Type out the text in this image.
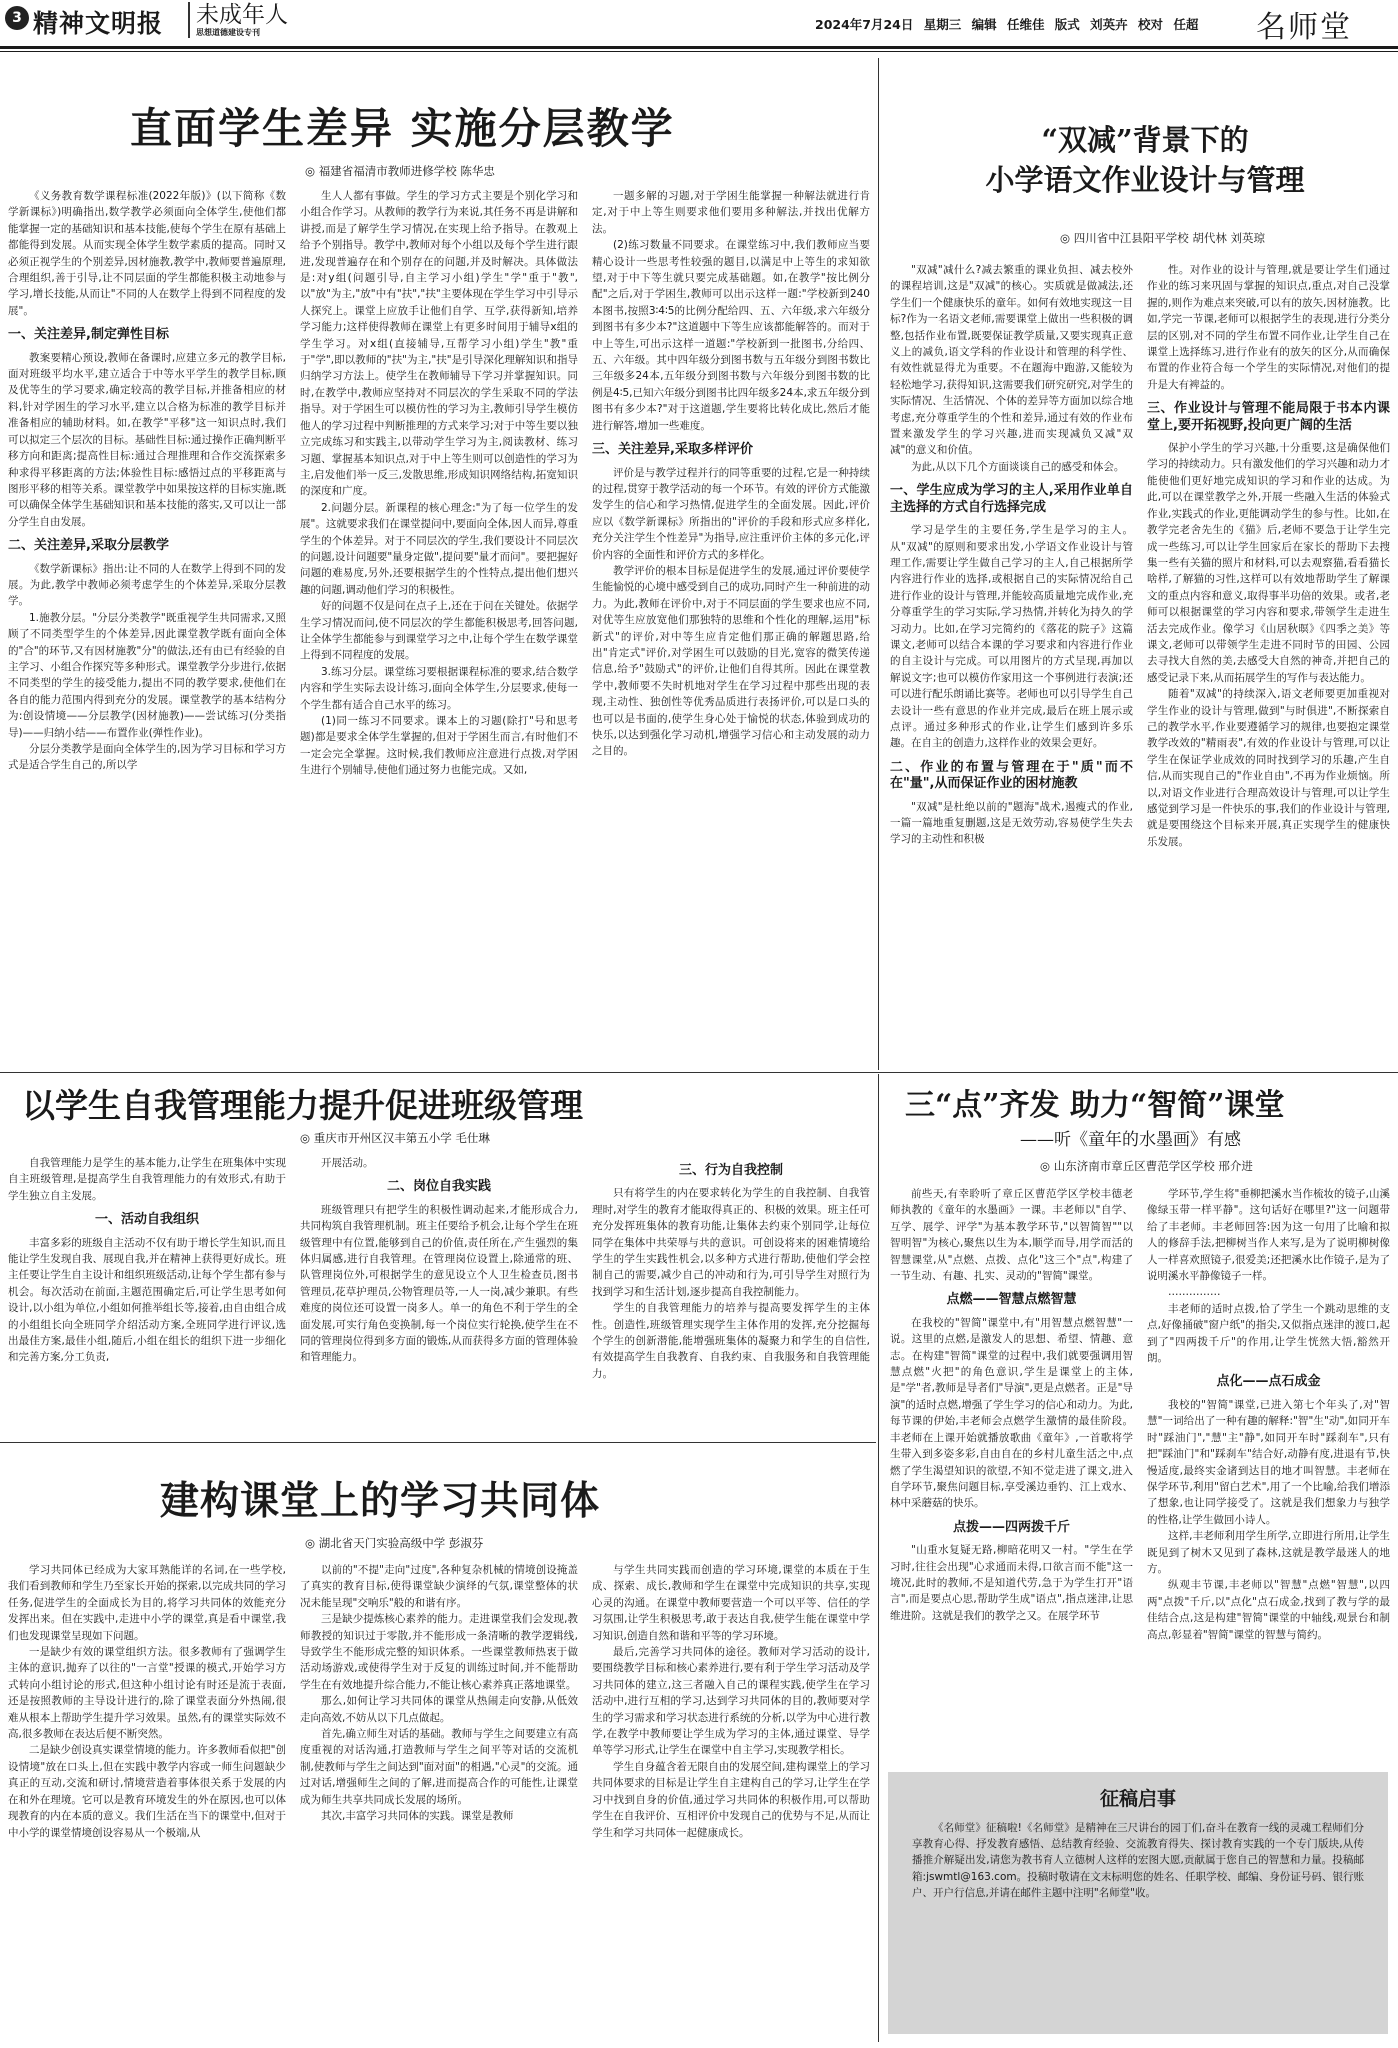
3 精神文明报 未成年人
思想道德建设专刊
2024年7月24日 星期三 编辑 任维佳 版式 刘英卉 校对 任超 名师堂
直面学生差异 实施分层教学
◎ 福建省福清市教师进修学校 陈华忠

《义务教育数学课程标准(2022年版)》(以下简称《数学新课标》)明确指出,数学教学必须面向全体学生,使他们都能掌握一定的基础知识和基本技能,使每个学生在原有基础上都能得到发展。从而实现全体学生数学素质的提高。同时又必须正视学生的个别差异,因材施教,教学中,教师要普遍原理,合理组织,善于引导,让不同层面的学生都能积极主动地参与学习,增长技能,从而让"不同的人在数学上得到不同程度的发展"。

一、关注差异,制定弹性目标

教案要精心预设,教师在备课时,应建立多元的教学目标,面对班级平均水平,建立适合于中等水平学生的教学目标,顾及优等生的学习要求,确定较高的教学目标,并推备相应的材料,针对学困生的学习水平,建立以合格为标准的教学目标并准备相应的辅助材料。如,在教学"平移"这一知识点时,我们可以拟定三个层次的目标。基础性目标:通过操作正确判断平移方向和距离;提高性目标:通过合理推理和合作交流探索多种求得平移距离的方法;体验性目标:感悟过点的平移距离与图形平移的相等关系。课堂教学中如果按这样的目标实施,既可以确保全体学生基础知识和基本技能的落实,又可以让一部分学生自由发展。

二、关注差异,采取分层教学

《数学新课标》指出:让不同的人在数学上得到不同的发展。为此,教学中教师必须考虑学生的个体差异,采取分层教学。

1.施教分层。"分层分类教学"既重视学生共同需求,又照顾了不同类型学生的个体差异,因此课堂教学既有面向全体的"合"的环节,又有因材施教"分"的做法,还有由已有经验的自主学习、小组合作探究等多种形式。课堂教学分步进行,依据不同类型的学生的接受能力,提出不同的教学要求,使他们在各自的能力范围内得到充分的发展。课堂教学的基本结构分为:创设情境——分层教学(因材施教)——尝试练习(分类指导)——归纳小结——布置作业(弹性作业)。

分层分类教学是面向全体学生的,因为学习目标和学习方式是适合学生自己的,所以学

生人人都有事做。学生的学习方式主要是个别化学习和小组合作学习。从教师的教学行为来说,其任务不再是讲解和讲授,而是了解学生学习情况,在实现上给予指导。在教观上给予个别指导。教学中,教师对每个小组以及每个学生进行跟进,发现普遍存在和个别存在的问题,并及时解决。具体做法是:对y组(问题引导,自主学习小组)学生"学"重于"教",以"放"为主,"放"中有"扶","扶"主要体现在学生学习中引导示人探究上。课堂上应放手让他们自学、互学,获得新知,培养学习能力;这样使得教师在课堂上有更多时间用于辅导x组的学生学习。对x组(直接辅导,互帮学习小组)学生"教"重于"学",即以教师的"扶"为主,"扶"是引导深化理解知识和指导归纳学习方法上。使学生在教师辅导下学习并掌握知识。同时,在教学中,教师应坚持对不同层次的学生采取不同的学法指导。对于学困生可以模仿性的学习为主,教师引导学生模仿他人的学习过程中判断推理的方式来学习;对于中等生要以独立完成练习和实践主,以带动学生学习为主,阅读教材、练习习题、掌握基本知识点,对于中上等生则可以创造性的学习为主,启发他们举一反三,发散思维,形成知识网络结构,拓宽知识的深度和广度。

2.问题分层。新课程的核心理念:"为了每一位学生的发展"。这就要求我们在课堂提问中,要面向全体,因人而异,尊重学生的个体差异。对于不同层次的学生,我们要设计不同层次的问题,设计问题要"量身定做",提问要"量才而问"。要把握好问题的难易度,另外,还要根据学生的个性特点,提出他们想兴趣的问题,调动他们学习的积极性。

好的问题不仅是问在点子上,还在于问在关键处。依据学生学习情况而问,使不同层次的学生都能积极思考,回答问题,让全体学生都能参与到课堂学习之中,让每个学生在数学课堂上得到不同程度的发展。

3.练习分层。课堂练习要根据课程标准的要求,结合数学内容和学生实际去设计练习,面向全体学生,分层要求,使每一个学生都有适合自己水平的练习。

(1)同一练习不同要求。课本上的习题(除打"号和思考题)都是要求全体学生掌握的,但对于学困生而言,有时他们不一定会完全掌握。这时候,我们教师应注意进行点拨,对学困生进行个别辅导,使他们通过努力也能完成。又如,

一题多解的习题,对于学困生能掌握一种解法就进行肯定,对于中上等生则要求他们要用多种解法,并找出优解方法。

(2)练习数量不同要求。在课堂练习中,我们教师应当要精心设计一些思考性较强的题目,以满足中上等生的求知欲望,对于中下等生就只要完成基础题。如,在教学"按比例分配"之后,对于学困生,教师可以出示这样一题:"学校新到240本图书,按照3∶4∶5的比例分配给四、五、六年级,求六年级分到图书有多少本?"这道题中下等生应该都能解答的。而对于中上等生,可出示这样一道题:"学校新到一批图书,分给四、五、六年级。其中四年级分到图书数与五年级分到图书数比三年级多24本,五年级分到图书数与六年级分到图书数的比例是4∶5,已知六年级分到图书比四年级多24本,求五年级分到图书有多少本?"对于这道题,学生要将比转化成比,然后才能进行解答,增加一些难度。

三、关注差异,采取多样评价

评价是与教学过程并行的同等重要的过程,它是一种持续的过程,贯穿于教学活动的每一个环节。有效的评价方式能激发学生的信心和学习热情,促进学生的全面发展。因此,评价应以《数学新课标》所指出的"评价的手段和形式应多样化,充分关注学生个性差异"为指导,应注重评价主体的多元化,评价内容的全面性和评价方式的多样化。

教学评价的根本目标是促进学生的发展,通过评价要使学生能愉悦的心境中感受到自己的成功,同时产生一种前进的动力。为此,教师在评价中,对于不同层面的学生要求也应不同,对优等生应放宽他们那独特的思维和个性化的理解,运用"标新式"的评价,对中等生应肯定他们那正确的解题思路,给出"肯定式"评价,对学困生可以鼓励的目光,宽容的微笑传递信息,给予"鼓励式"的评价,让他们自得其所。因此在课堂教学中,教师要不失时机地对学生在学习过程中那些出现的表现,主动性、独创性等优秀品质进行表扬评价,可以是口头的也可以是书面的,使学生身心处于愉悦的状态,体验到成功的快乐,以达到强化学习动机,增强学习信心和主动发展的动力之目的。

“双减”背景下的
小学语文作业设计与管理
◎ 四川省中江县阳平学校 胡代林 刘英琼

"双减"减什么?减去繁重的课业负担、减去校外的课程培训,这是"双减"的核心。实质就是做减法,还学生们一个健康快乐的童年。如何有效地实现这一目标?作为一名语文老师,需要课堂上做出一些积极的调整,包括作业布置,既要保证教学质量,又要实现真正意义上的减负,语文学科的作业设计和管理的科学性、有效性就显得尤为重要。不在题海中跑游,又能较为轻松地学习,获得知识,这需要我们研究研究,对学生的实际情况、生活情况、个体的差异等方面加以综合地考虑,充分尊重学生的个性和差异,通过有效的作业布置来激发学生的学习兴趣,进而实现减负又减"双减"的意义和价值。

为此,从以下几个方面谈谈自己的感受和体会。

一、学生应成为学习的主人,采用作业单自主选择的方式自行选择完成

学习是学生的主要任务,学生是学习的主人。从"双减"的原则和要求出发,小学语文作业设计与管理工作,需要让学生做自己学习的主人,自己根据所学内容进行作业的选择,或根据自己的实际情况给自己进行作业的设计与管理,并能较高质量地完成作业,充分尊重学生的学习实际,学习热情,并转化为持久的学习动力。比如,在学习完简约的《落花的院子》这篇课文,老师可以结合本课的学习要求和内容进行作业的自主设计与完成。可以用图片的方式呈现,再加以解说文字;也可以模仿作家用这一个事例进行表演;还可以进行配乐朗诵比赛等。老师也可以引导学生自己去设计一些有意思的作业并完成,最后在班上展示或点评。通过多种形式的作业,让学生们感到许多乐趣。在自主的创造力,这样作业的效果会更好。

二、作业的布置与管理在于"质"而不在"量",从而保证作业的困材施教

"双减"是杜绝以前的"题海"战术,遏瘦式的作业,一篇一篇地重复删题,这是无效劳动,容易使学生失去学习的主动性和积极

性。对作业的设计与管理,就是要让学生们通过作业的练习来巩固与掌握的知识点,重点,对自己没掌握的,则作为难点来突破,可以有的放矢,因材施教。比如,学完一节课,老师可以根据学生的表现,进行分类分层的区别,对不同的学生布置不同作业,让学生自己在课堂上选择练习,进行作业有的放矢的区分,从而确保布置的作业符合每一个学生的实际情况,对他们的提升是大有裨益的。

三、作业设计与管理不能局限于书本内课堂上,要开拓视野,投向更广阔的生活

保护小学生的学习兴趣,十分重要,这是确保他们学习的持续动力。只有激发他们的学习兴趣和动力才能使他们更好地完成知识的学习和作业的达成。为此,可以在课堂教学之外,开展一些融入生活的体验式作业,实践式的作业,更能调动学生的参与性。比如,在教学完老舍先生的《猫》后,老师不要急于让学生完成一些练习,可以让学生回家后在家长的帮助下去搜集一些有关猫的照片和材料,可以去观察猫,看看猫长啥样,了解猫的习性,这样可以有效地帮助学生了解课文的重点内容和意义,取得事半功倍的效果。或者,老师可以根据课堂的学习内容和要求,带领学生走进生活去完成作业。像学习《山居秋暝》《四季之美》等课文,老师可以带领学生走进不同时节的田园、公园去寻找大自然的美,去感受大自然的神奇,并把自己的感受记录下来,从而拓展学生的写作与表达能力。

随着"双减"的持续深入,语文老师要更加重视对学生作业的设计与管理,做到"与时俱进",不断探索自己的教学水平,作业要遵循学习的规律,也要抱定课堂教学改效的"精雨表",有效的作业设计与管理,可以让学生在保证学业成效的同时找到学习的乐趣,产生自信,从而实现自己的"作业自由",不再为作业烦恼。所以,对语文作业进行合理高效设计与管理,可以让学生感觉到学习是一件快乐的事,我们的作业设计与管理,就是要围绕这个目标来开展,真正实现学生的健康快乐发展。

以学生自我管理能力提升促进班级管理
◎ 重庆市开州区汉丰第五小学 毛仕琳

自我管理能力是学生的基本能力,让学生在班集体中实现自主班级管理,是提高学生自我管理能力的有效形式,有助于学生独立自主发展。

一、活动自我组织

丰富多彩的班级自主活动不仅有助于增长学生知识,而且能让学生发现自我、展现自我,并在精神上获得更好成长。班主任要让学生自主设计和组织班级活动,让每个学生都有参与机会。每次活动在前面,主题范围确定后,可让学生思考如何设计,以小组为单位,小组如何推举组长等,接着,由自由组合成的小组组长向全班同学介绍活动方案,全班同学进行评议,选出最佳方案,最佳小组,随后,小组在组长的组织下进一步细化和完善方案,分工负责,

开展活动。

二、岗位自我实践

班级管理只有把学生的积极性调动起来,才能形成合力,共同构筑自我管理机制。班主任要给予机会,让每个学生在班级管理中有位置,能够到自己的价值,责任所在,产生强烈的集体归属感,进行自我管理。在管理岗位设置上,除通常的班、队管理岗位外,可根据学生的意见设立个人卫生检查员,图书管理员,花草护理员,公物管理员等,一人一岗,减少兼职。有些难度的岗位还可设置一岗多人。单一的角色不利于学生的全面发展,可实行角色变换制,每一个岗位实行轮换,使学生在不同的管理岗位得到多方面的锻炼,从而获得多方面的管理体验和管理能力。

三、行为自我控制

只有将学生的内在要求转化为学生的自我控制、自我管理时,对学生的教育才能取得真正的、积极的效果。班主任可充分发挥班集体的教育功能,让集体去约束个别同学,让每位同学在集体中共荣辱与共的意识。可创设将来的困难情境给学生的学生实践性机会,以多种方式进行帮助,使他们学会控制自己的需要,减少自己的冲动和行为,可引导学生对照行为找到学习和生活计划,逐步提高自我控制能力。

学生的自我管理能力的培养与提高要发挥学生的主体性。创造性,班级管理实现学生主体作用的发挥,充分挖掘每个学生的创新潜能,能增强班集体的凝聚力和学生的自信性,有效提高学生自我教育、自我约束、自我服务和自我管理能力。

三“点”齐发 助力“智简”课堂
——听《童年的水墨画》有感
◎ 山东济南市章丘区曹范学区学校 邢介进

前些天,有幸聆听了章丘区曹范学区学校丰德老师执教的《童年的水墨画》一课。丰老师以"自学、互学、展学、评学"为基本教学环节,"以智简智""以智明智"为核心,聚焦以生为本,顺学而导,用学而活的智慧课堂,从"点燃、点拨、点化"这三个"点",构建了一节生动、有趣、扎实、灵动的"智简"课堂。

点燃——智慧点燃智慧

在我校的"智简"课堂中,有"用智慧点燃智慧"一说。这里的点燃,是激发人的思想、希望、情趣、意志。在构建"智简"课堂的过程中,我们就要强调用智慧点燃"火把"的角色意识,学生是课堂上的主体,是"学"者,教师是导者们"导演",更是点燃者。正是"导演"的适时点燃,增强了学生学习的信心和动力。为此,每节课的伊始,丰老师会点燃学生激情的最佳阶段。丰老师在上课开始就播放歌曲《童年》,一首歌将学生带入到多姿多彩,自由自在的乡村儿童生活之中,点燃了学生渴望知识的欲望,不知不觉走进了课文,进入自学环节,聚焦问题目标,享受溪边垂钓、江上戏水、林中采蘑菇的快乐。

点拨——四两拨千斤

"山重水复疑无路,柳暗花明又一村。"学生在学习时,往往会出现"心求通而未得,口欲言而不能"这一境况,此时的教师,不是知道代劳,急于为学生打开"语言",而是要点心思,帮助学生成"语点",指点迷津,让思维进阶。这就是我们的教学之又。在展学环节

学环节,学生将"垂柳把溪水当作梳妆的镜子,山溪像绿玉带一样平静"。这句话好在哪里?"这一问题带给了丰老师。丰老师回答:因为这一句用了比喻和拟人的修辞手法,把柳树当作人来写,是为了说明柳树像人一样喜欢照镜子,很爱美;还把溪水比作镜子,是为了说明溪水平静像镜子一样。

……………

丰老师的适时点拨,恰了学生一个跳动思维的支点,好像捅破"窗户纸"的指尖,又似指点迷津的渡口,起到了"四两拨千斤"的作用,让学生恍然大悟,豁然开朗。

点化——点石成金

我校的"智简"课堂,已进入第七个年头了,对"智慧"一词给出了一种有趣的解释:"智"生"动",如同开车时"踩油门","慧"主"静",如同开车时"踩刹车",只有把"踩油门"和"踩刹车"结合好,动静有度,进退有节,快慢适度,最终实金诸到达目的地才叫智慧。丰老师在保学环节,利用"留白艺术",用了一个比喻,给我们增添了想象,也让同学接受了。这就是我们想象力与独学的性格,让学生做回小诗人。

这样,丰老师利用学生所学,立即进行所用,让学生既见到了树木又见到了森林,这就是教学最迷人的地方。

纵观丰节课,丰老师以"智慧"点燃"智慧",以四两"点拨"千斤,以"点化"点石成金,找到了教与学的最佳结合点,这是构建"智简"课堂的中轴线,观景台和制高点,彰显着"智简"课堂的智慧与简约。

建构课堂上的学习共同体
◎ 湖北省天门实验高级中学 彭淑芬

学习共同体已经成为大家耳熟能详的名词,在一些学校,我们看到教师和学生乃至家长开始的探索,以完成共同的学习任务,促进学生的全面成长为目的,将学习共同体的效能充分发挥出来。但在实践中,走进中小学的课堂,真是看中课堂,我们也发现课堂呈现如下问题。

一是缺少有效的课堂组织方法。很多教师有了强调学生主体的意识,抛弃了以往的"一言堂"授课的模式,开始学习方式转向小组讨论的形式,但这种小组讨论有时还是流于表面,还是按照教师的主导设计进行的,除了课堂表面分外热闹,很难从根本上帮助学生提升学习效果。虽然,有的课堂实际效不高,很多教师在表达后便不断突然。

二是缺少创设真实课堂情境的能力。许多教师看似把"创设情境"放在口头上,但在实践中教学内容或一师生问题缺少真正的互动,交流和研讨,情境营造着事体很关系于发展的内在和外在理境。它可以是教育环境发生的外在原因,也可以体现教育的内在本质的意义。我们生活在当下的课堂中,但对于中小学的课堂情境创设容易从一个极端,从

以前的"不提"走向"过度",各种复杂机械的情境创设掩盖了真实的教育目标,使得课堂缺少演绎的气氛,课堂整体的状况未能呈现"交响乐"般的和谐有序。

三是缺少提炼核心素养的能力。走进课堂我们会发现,教师教授的知识过于零散,并不能形成一条清晰的教学逻辑线,导致学生不能形成完整的知识体系。一些课堂教师热衷于做活动场游戏,或使得学生对于反复的训练过时间,并不能帮助学生在有效地提升综合能力,不能让核心素养真正落地课堂。

那么,如何让学习共同体的课堂从热闹走向安静,从低效走向高效,不妨从以下几点做起。

首先,确立师生对话的基础。教师与学生之间要建立有高度重视的对话沟通,打造教师与学生之间平等对话的交流机制,使教师与学生之间达到"面对面"的相遇,"心灵"的交流。通过对话,增强师生之间的了解,进而提高合作的可能性,让课堂成为师生共享共同成长发展的场所。

其次,丰富学习共同体的实践。课堂是教师

与学生共同实践而创造的学习环境,课堂的本质在于生成、探索、成长,教师和学生在课堂中完成知识的共享,实现心灵的沟通。在课堂中教师要营造一个可以平等、信任的学习氛围,让学生积极思考,敢于表达自我,使学生能在课堂中学习知识,创造自然和谐和平等的学习环境。

最后,完善学习共同体的途径。教师对学习活动的设计,要围绕教学目标和核心素养进行,要有利于学生学习活动及学习共同体的建立,这三者融入自己的课程实践,使学生在学习活动中,进行互相的学习,达到学习共同体的目的,教师要对学生的学习需求和学习状态进行系统的分析,以学为中心进行教学,在教学中教师要让学生成为学习的主体,通过课堂、导学单等学习形式,让学生在课堂中自主学习,实现教学相长。

学生自身蕴含着无限自由的发展空间,建构课堂上的学习共同体要求的目标是让学生自主建构自己的学习,让学生在学习中找到自身的价值,通过学习共同体的积极作用,可以帮助学生在自我评价、互相评价中发现自己的优势与不足,从而让学生和学习共同体一起健康成长。

征稿启事
《名师堂》征稿啦!《名师堂》是精神在三尺讲台的园丁们,奋斗在教育一线的灵魂工程师们分享教育心得、抒发教育感悟、总结教育经验、交流教育得失、探讨教育实践的一个专门版块,从传播推介解疑出发,请您为教书育人立德树人这样的宏图大愿,贡献属于您自己的智慧和力量。投稿邮箱:jswmtl@163.com。投稿时敬请在文末标明您的姓名、任职学校、邮编、身份证号码、银行账户、开户行信息,并请在邮件主题中注明"名师堂"收。
